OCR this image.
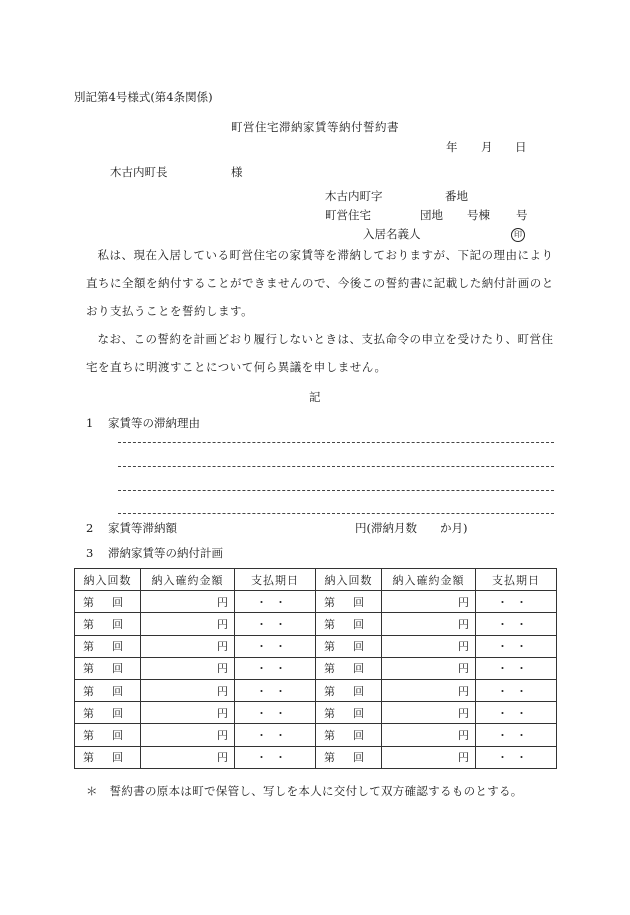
別記第4号様式(第4条関係)
町営住宅滞納家賃等納付誓約書
年 月 日
木古内町長	様
木古内町字	番地
町営住宅	団地 号棟 号
入居名義人	印

私は、現在入居している町営住宅の家賃等を滞納しておりますが、下記の理由により直ちに全額を納付することができませんので、今後この誓約書に記載した納付計画のとおり支払うことを誓約します。

なお、この誓約を計画どおり履行しないときは、支払命令の申立を受けたり、町営住宅を直ちに明渡すことについて何ら異議を申しません。

記
1 家賃等の滞納理由
2 家賃等滞納額	円(滞納月数　　か月)
3 滞納家賃等の納付計画
納入回数	納入確約金額	支払期日	納入回数	納入確約金額	支払期日
第 回	円	・・	第 回	円	・・
第 回	円	・・	第 回	円	・・
第 回	円	・・	第 回	円	・・
第 回	円	・・	第 回	円	・・
第 回	円	・・	第 回	円	・・
第 回	円	・・	第 回	円	・・
第 回	円	・・	第 回	円	・・
第 回	円	・・	第 回	円	・・
＊　誓約書の原本は町で保管し、写しを本人に交付して双方確認するものとする。
